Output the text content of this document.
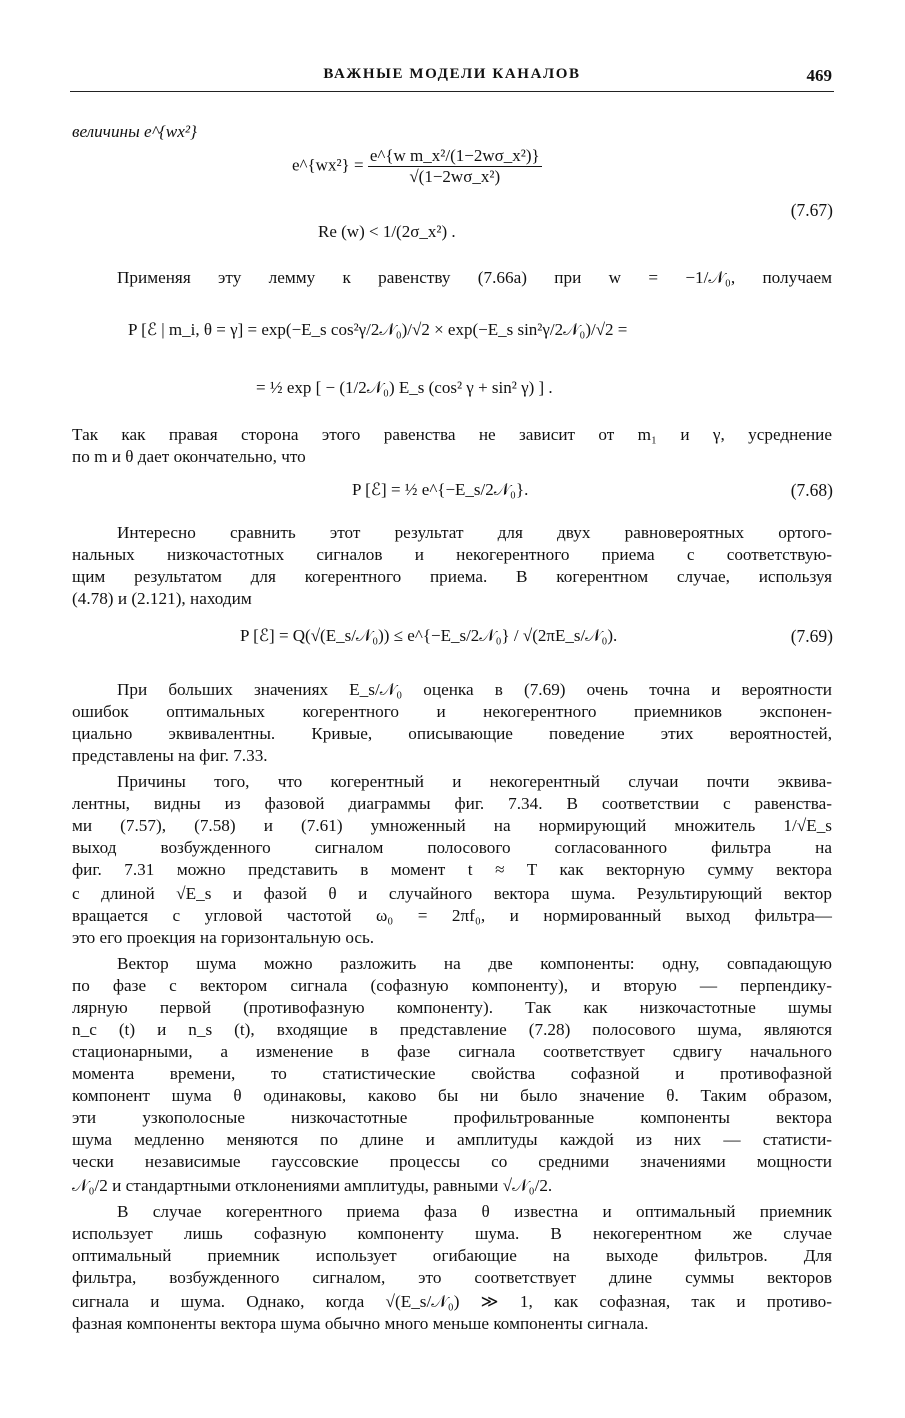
ВАЖНЫЕ МОДЕЛИ КАНАЛОВ	469
величины e^{wx²}
e^{wx²} = $\frac{\text{e\textasciicircum{}\{w m\_x²/(1−2wσ\_x²)\}}}{\text{√(1−2wσ\_x²)}}$
Re (w) < 1/(2σ_x²) .
(7.67)
Применяя эту лемму к равенству (7.66а) при w = −1/𝒩₀, получаем
P [ℰ | m_i, θ = γ] = exp(−E_s cos²γ/2𝒩₀)/√2 × exp(−E_s sin²γ/2𝒩₀)/√2 =
= ½ exp [ − (1/2𝒩₀) E_s (cos² γ + sin² γ) ] .
Так как правая сторона этого равенства не зависит от m₁ и γ, усреднение
по m и θ дает окончательно, что
P [ℰ] = ½ e^{−E_s/2𝒩₀}.	(7.68)
Интересно сравнить этот результат для двух равновероятных ортого-
нальных низкочастотных сигналов и некогерентного приема с соответствую-
щим результатом для когерентного приема. В когерентном случае, используя
(4.78) и (2.121), находим
P [ℰ] = Q(√(E_s/𝒩₀)) ≤ e^{−E_s/2𝒩₀} / √(2πE_s/𝒩₀).	(7.69)
При больших значениях E_s/𝒩₀ оценка в (7.69) очень точна и вероятности
ошибок оптимальных когерентного и некогерентного приемников экспонен-
циально эквивалентны. Кривые, описывающие поведение этих вероятностей,
представлены на фиг. 7.33.
Причины того, что когерентный и некогерентный случаи почти эквива-
лентны, видны из фазовой диаграммы фиг. 7.34. В соответствии с равенства-
ми (7.57), (7.58) и (7.61) умноженный на нормирующий множитель 1/√E_s
выход возбужденного сигналом полосового согласованного фильтра на
фиг. 7.31 можно представить в момент t ≈ T как векторную сумму вектора
с длиной √E_s и фазой θ и случайного вектора шума. Результирующий вектор
вращается с угловой частотой ω₀ = 2πf₀, и нормированный выход фильтра—
это его проекция на горизонтальную ось.
Вектор шума можно разложить на две компоненты: одну, совпадающую
по фазе с вектором сигнала (софазную компоненту), и вторую — перпендику-
лярную первой (противофазную компоненту). Так как низкочастотные шумы
n_c (t) и n_s (t), входящие в представление (7.28) полосового шума, являются
стационарными, а изменение в фазе сигнала соответствует сдвигу начального
момента времени, то статистические свойства софазной и противофазной
компонент шума θ одинаковы, каково бы ни было значение θ. Таким образом,
эти узкополосные низкочастотные профильтрованные компоненты вектора
шума медленно меняются по длине и амплитуды каждой из них — статисти-
чески независимые гауссовские процессы со средними значениями мощности
𝒩₀/2 и стандартными отклонениями амплитуды, равными √𝒩₀/2.
В случае когерентного приема фаза θ известна и оптимальный приемник
использует лишь софазную компоненту шума. В некогерентном же случае
оптимальный приемник использует огибающие на выходе фильтров. Для
фильтра, возбужденного сигналом, это соответствует длине суммы векторов
сигнала и шума. Однако, когда √(E_s/𝒩₀) ≫ 1, как софазная, так и противо-
фазная компоненты вектора шума обычно много меньше компоненты сигнала.
